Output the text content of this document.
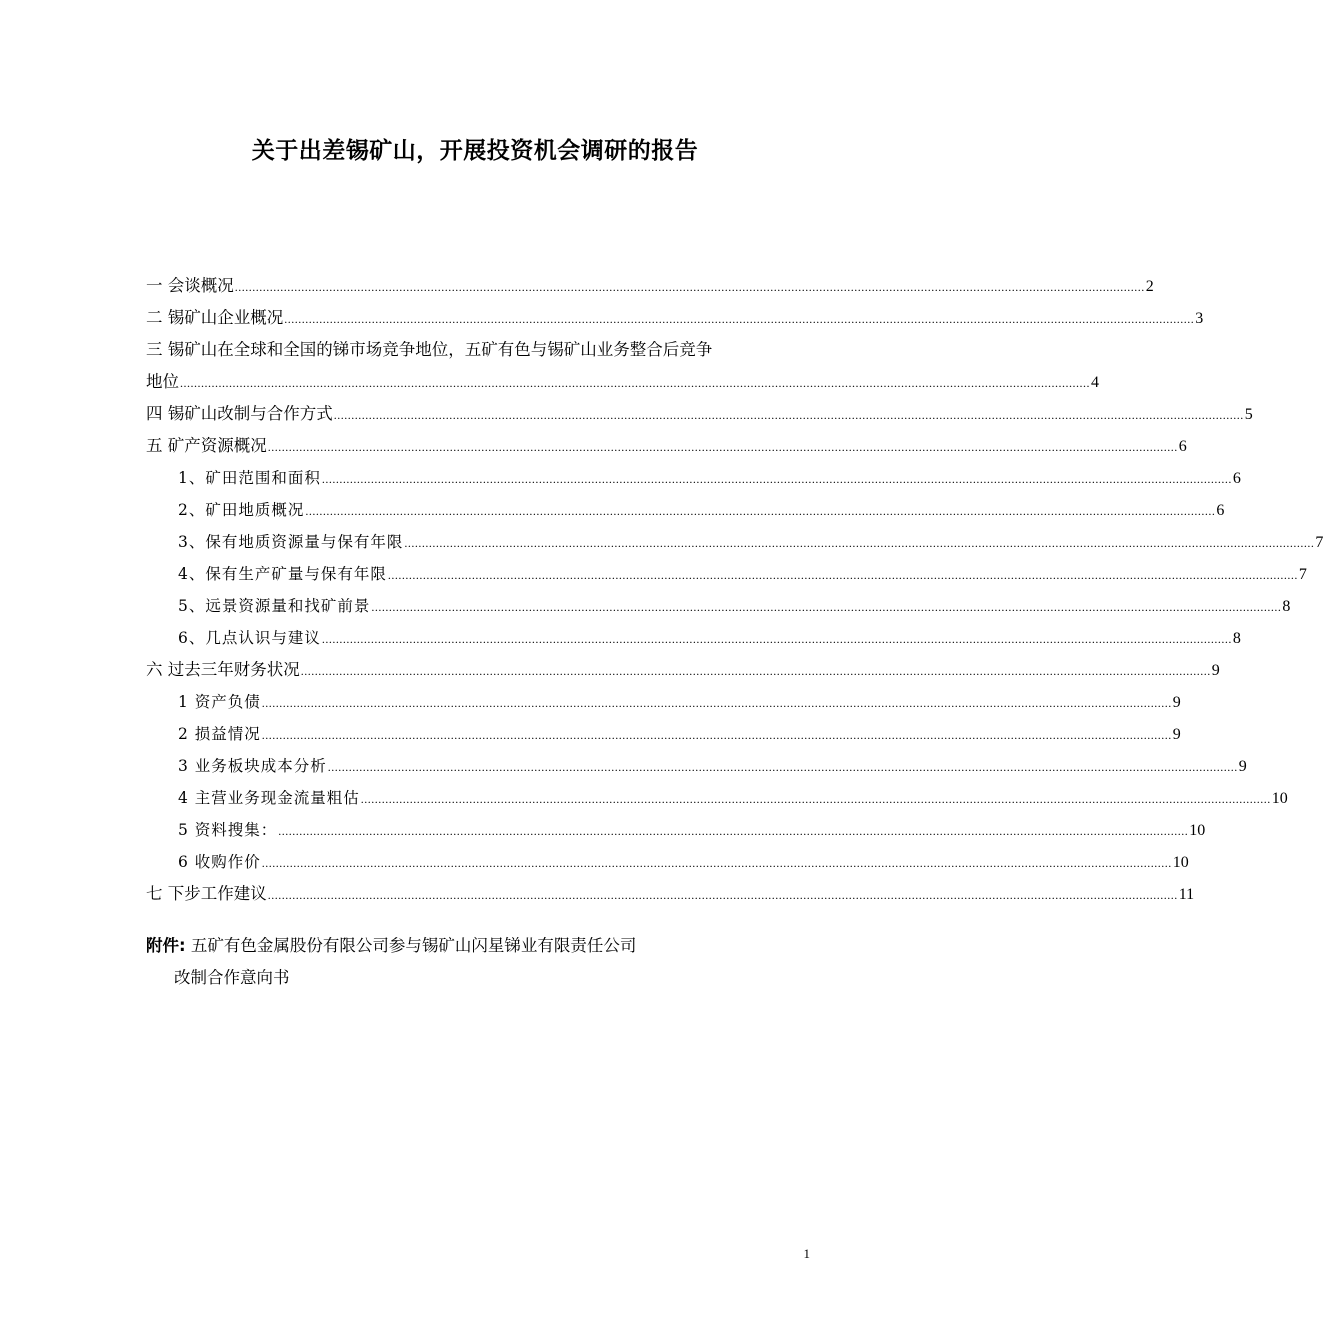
关于出差锡矿山，开展投资机会调研的报告
一 会谈概况 .................................................................................................................................................................................................................................................................... 2
二 锡矿山企业概况 .................................................................................................................................................................................................................................................................... 3
三 锡矿山在全球和全国的锑市场竞争地位，五矿有色与锡矿山业务整合后竞争
地位 .................................................................................................................................................................................................................................................................... 4
四 锡矿山改制与合作方式 .................................................................................................................................................................................................................................................................... 5
五 矿产资源概况 .................................................................................................................................................................................................................................................................... 6
1、矿田范围和面积 .................................................................................................................................................................................................................................................................... 6
2、矿田地质概况 .................................................................................................................................................................................................................................................................... 6
3、保有地质资源量与保有年限 .................................................................................................................................................................................................................................................................... 7
4、保有生产矿量与保有年限 .................................................................................................................................................................................................................................................................... 7
5、远景资源量和找矿前景 .................................................................................................................................................................................................................................................................... 8
6、几点认识与建议 .................................................................................................................................................................................................................................................................... 8
六 过去三年财务状况 .................................................................................................................................................................................................................................................................... 9
1 资产负债 .................................................................................................................................................................................................................................................................... 9
2 损益情况 .................................................................................................................................................................................................................................................................... 9
3 业务板块成本分析 .................................................................................................................................................................................................................................................................... 9
4 主营业务现金流量粗估 .................................................................................................................................................................................................................................................................... 10
5 资料搜集： .................................................................................................................................................................................................................................................................... 10
6 收购作价 .................................................................................................................................................................................................................................................................... 10
七 下步工作建议 .................................................................................................................................................................................................................................................................... 11
附件: 五矿有色金属股份有限公司参与锡矿山闪星锑业有限责任公司
改制合作意向书
1
